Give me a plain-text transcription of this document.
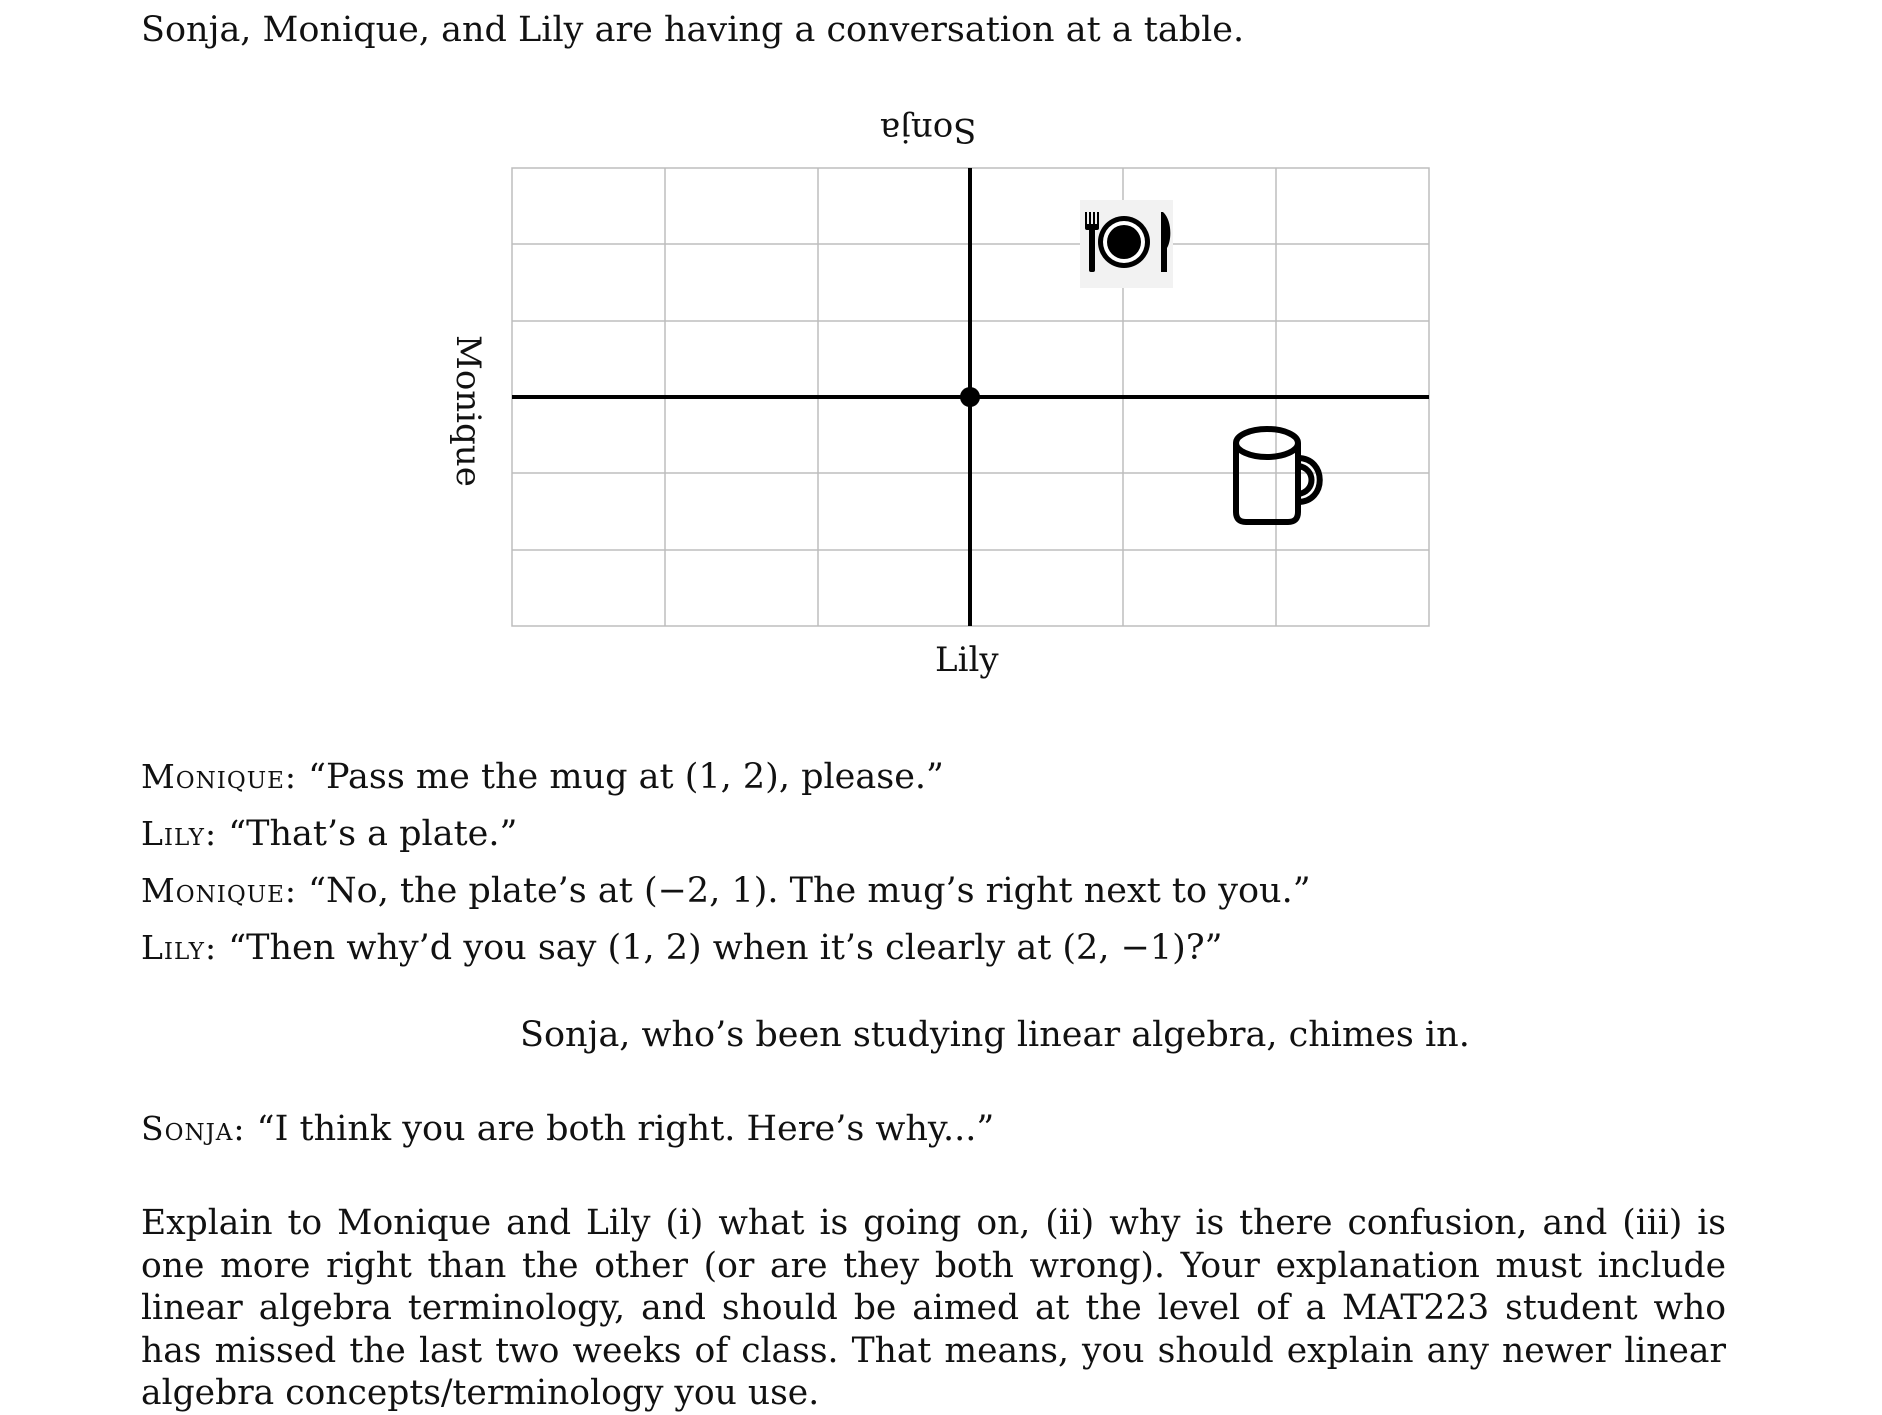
Sonja, Monique, and Lily are having a conversation at a table.
Sonja
Monique
Lily
Monique: “Pass me the mug at (1, 2), please.”
Lily: “That’s a plate.”
Monique: “No, the plate’s at (−2, 1). The mug’s right next to you.”
Lily: “Then why’d you say (1, 2) when it’s clearly at (2, −1)?”
Sonja, who’s been studying linear algebra, chimes in.
Sonja: “I think you are both right. Here’s why...”
Explain to Monique and Lily (i) what is going on, (ii) why is there confusion, and (iii) is one more right than the other (or are they both wrong). Your explanation must include linear algebra terminology, and should be aimed at the level of a MAT223 student who has missed the last two weeks of class. That means, you should explain any newer linear algebra concepts/terminology you use.
